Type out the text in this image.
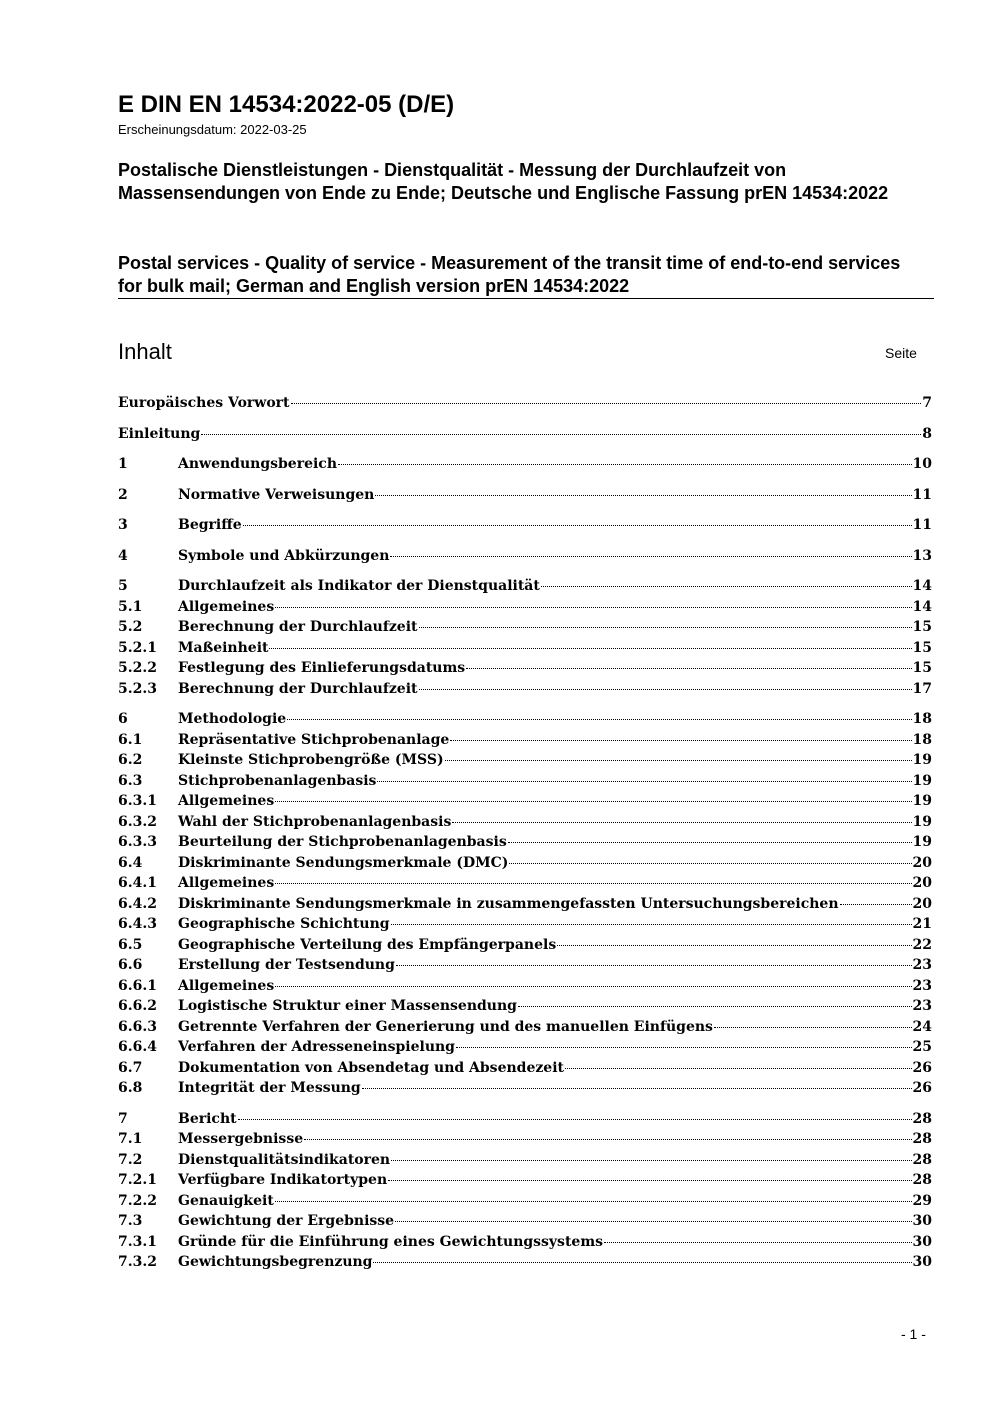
E DIN EN 14534:2022-05 (D/E)
Erscheinungsdatum: 2022-03-25
Postalische Dienstleistungen - Dienstqualität - Messung der Durchlaufzeit von Massensendungen von Ende zu Ende; Deutsche und Englische Fassung prEN 14534:2022
Postal services - Quality of service - Measurement of the transit time of end-to-end services for bulk mail; German and English version prEN 14534:2022
Inhalt	Seite
Europäisches Vorwort	7
Einleitung	8
1	Anwendungsbereich	10
2	Normative Verweisungen	11
3	Begriffe	11
4	Symbole und Abkürzungen	13
5	Durchlaufzeit als Indikator der Dienstqualität	14
5.1	Allgemeines	14
5.2	Berechnung der Durchlaufzeit	15
5.2.1	Maßeinheit	15
5.2.2	Festlegung des Einlieferungsdatums	15
5.2.3	Berechnung der Durchlaufzeit	17
6	Methodologie	18
6.1	Repräsentative Stichprobenanlage	18
6.2	Kleinste Stichprobengröße (MSS)	19
6.3	Stichprobenanlagenbasis	19
6.3.1	Allgemeines	19
6.3.2	Wahl der Stichprobenanlagenbasis	19
6.3.3	Beurteilung der Stichprobenanlagenbasis	19
6.4	Diskriminante Sendungsmerkmale (DMC)	20
6.4.1	Allgemeines	20
6.4.2	Diskriminante Sendungsmerkmale in zusammengefassten Untersuchungsbereichen	20
6.4.3	Geographische Schichtung	21
6.5	Geographische Verteilung des Empfängerpanels	22
6.6	Erstellung der Testsendung	23
6.6.1	Allgemeines	23
6.6.2	Logistische Struktur einer Massensendung	23
6.6.3	Getrennte Verfahren der Generierung und des manuellen Einfügens	24
6.6.4	Verfahren der Adresseneinspielung	25
6.7	Dokumentation von Absendetag und Absendezeit	26
6.8	Integrität der Messung	26
7	Bericht	28
7.1	Messergebnisse	28
7.2	Dienstqualitätsindikatoren	28
7.2.1	Verfügbare Indikatortypen	28
7.2.2	Genauigkeit	29
7.3	Gewichtung der Ergebnisse	30
7.3.1	Gründe für die Einführung eines Gewichtungssystems	30
7.3.2	Gewichtungsbegrenzung	30
- 1 -
